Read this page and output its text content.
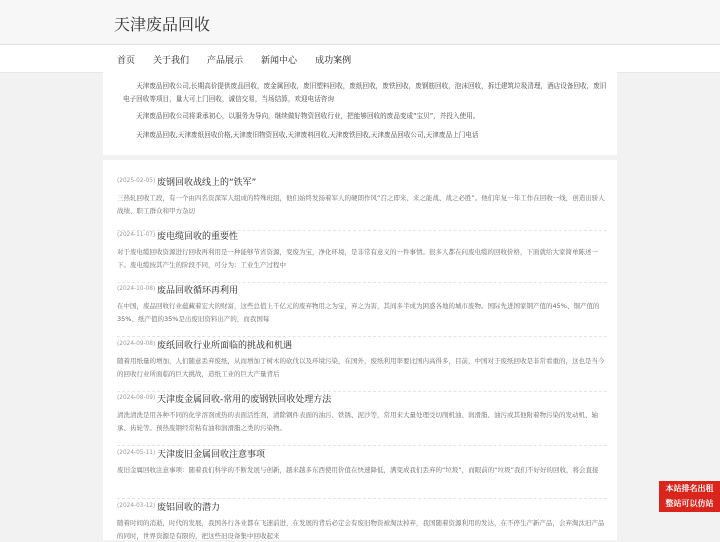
天津废品回收
首页 关于我们 产品展示 新闻中心 成功案例

　　天津废品回收公司,长期高价提供废品回收，废金属回收，废旧塑料回收，废纸回收，废铁回收，废钢筋回收，泡沫回收，拆迁建筑垃圾清理，酒店设备回收，废旧电子回收等项目，量大可上门回收，诚信交易，当场结算，欢迎电话咨询

　　天津废品回收公司将秉承初心，以服务为导向，继续做好物资回收行业，把能够回收的废品变成“宝贝”，并投入使用。

　　天津废品回收,天津废纸回收价格,天津废旧物资回收,天津废料回收,天津废铁回收,天津废品回收公司,天津废品上门电话

(2025-02-05) 废钢回收战线上的“铁军”
三热轧回收工段，有一个由四名资深军人组成的特殊班组，他们始终发扬着军人的硬朗作风“召之即来、来之能战、战之必胜”。他们年复一年工作在回收一线，创造出骄人战绩、职工群众和甲方杂切
(2024-11-07) 废电缆回收的重要性
对于废电缆回收资源进行回收再利用是一种能够节省资源，变废为宝，净化环境，是非常有意义的一件事情。很多人都在问废电缆的回收价格，下面就给大家简单陈述一下。废电缆按其产生的阶段不同，可分为：工业生产过程中
(2024-10-08) 废品回收循环再利用
在中国，废品回收行业蕴藏着宏大的财富，这些总值上千亿元的废弃物用之为宝，弃之为害，其间多半成为困惑各地的城市废物。国际先进国家钢产值的45%、铜产值的35%、纸产值的35%是出废旧资料出产的，而我国每
(2024-09-08) 废纸回收行业所面临的挑战和机遇
随着用纸量的增加，人们随意丢弃废纸，从而增加了树木的砍伐以及环境污染，在国外，废纸利用率要比国内高得多，目前，中国对于废纸回收是非常看重的，这也是当今的回收行业所面临的巨大挑战，造纸工业的巨大产量背后
(2024-08-09) 天津废金属回收-常用的废钢铁回收处理方法
清洗清洗是用各种不同的化学溶剂或热的表面活性剂，清除钢件表面的油污、铁锈、泥沙等，常用来大量处理受切削机油、润滑脂、油污或其他附着物污染的发动机、轴承、齿轮等。预热废钢经常粘有油和润滑脂之类的污染物。
(2024-05-11) 天津废旧金属回收注意事项
废旧金属回收注意事项：随着我们科学的不断发展与创新，越来越多东西使用价值在快速降低，满变成我们丢弃的“垃圾”，而眼前的“垃圾”我们不好好的回收，将会直接
(2024-03-12) 废铝回收的潜力
随着时间的消逝，时代的发展，我国各行各业都在飞速前进，在发展的背后必定会有废旧物资被淘汰掉弃，我国随着资源利用的发达，在不停生产新产品，会弃淘汰旧产品的同时，世界资源是有限的，把这些旧设备集中回收起来
本站排名出租
整站可以仿站
